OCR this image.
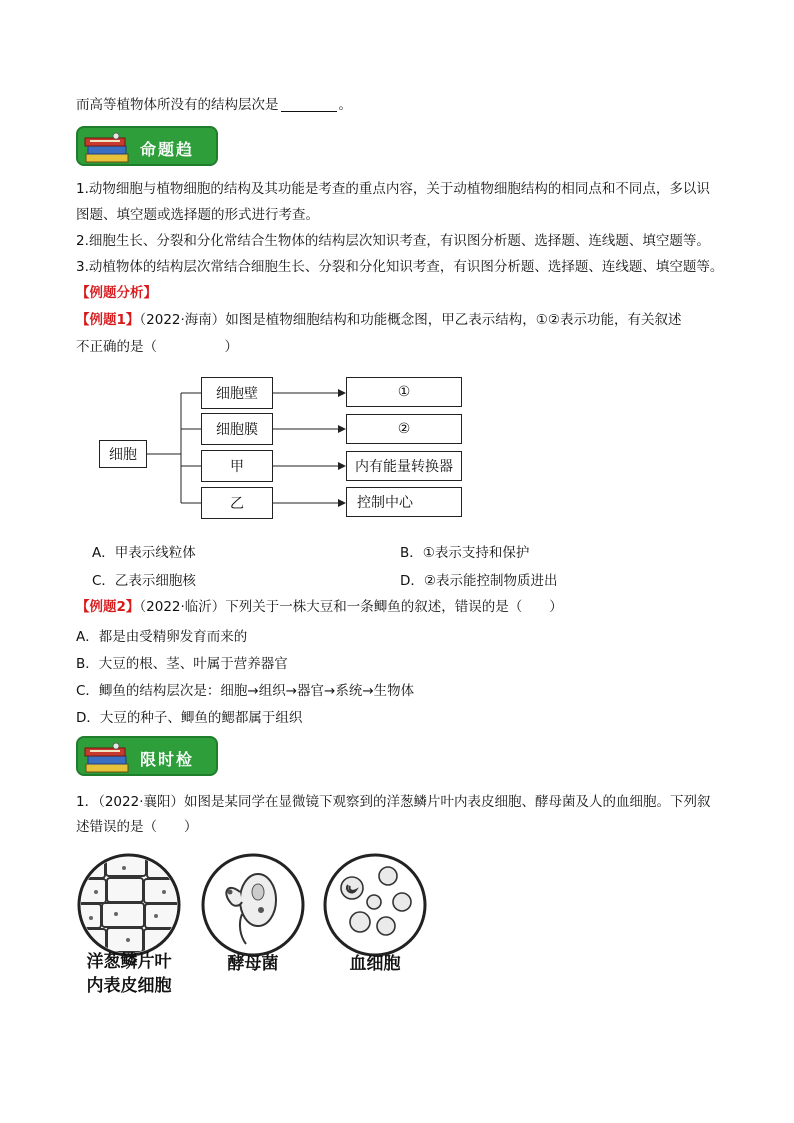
而高等植物体所没有的结构层次是	。
命题趋
1.动物细胞与植物细胞的结构及其功能是考查的重点内容，关于动植物细胞结构的相同点和不同点，多以识
图题、填空题或选择题的形式进行考查。
2.细胞生长、分裂和分化常结合生物体的结构层次知识考查，有识图分析题、选择题、连线题、填空题等。
3.动植物体的结构层次常结合细胞生长、分裂和分化知识考查，有识图分析题、选择题、连线题、填空题等。
【例题分析】
【例题1】（2022·海南）如图是植物细胞结构和功能概念图，甲乙表示结构，①②表示功能，有关叙述
不正确的是（　　　　　）
细胞
细胞壁
细胞膜
甲
乙
①
②
内有能量转换器
控制中心
A．甲表示线粒体	B．①表示支持和保护
C．乙表示细胞核	D．②表示能控制物质进出
【例题2】（2022·临沂）下列关于一株大豆和一条鲫鱼的叙述，错误的是（　　）
A．都是由受精卵发育而来的
B．大豆的根、茎、叶属于营养器官
C．鲫鱼的结构层次是：细胞→组织→器官→系统→生物体
D．大豆的种子、鲫鱼的鳃都属于组织
限时检
1．（2022·襄阳）如图是某同学在显微镜下观察到的洋葱鳞片叶内表皮细胞、酵母菌及人的血细胞。下列叙
述错误的是（　　）
洋葱鳞片叶
内表皮细胞
酵母菌	血细胞
